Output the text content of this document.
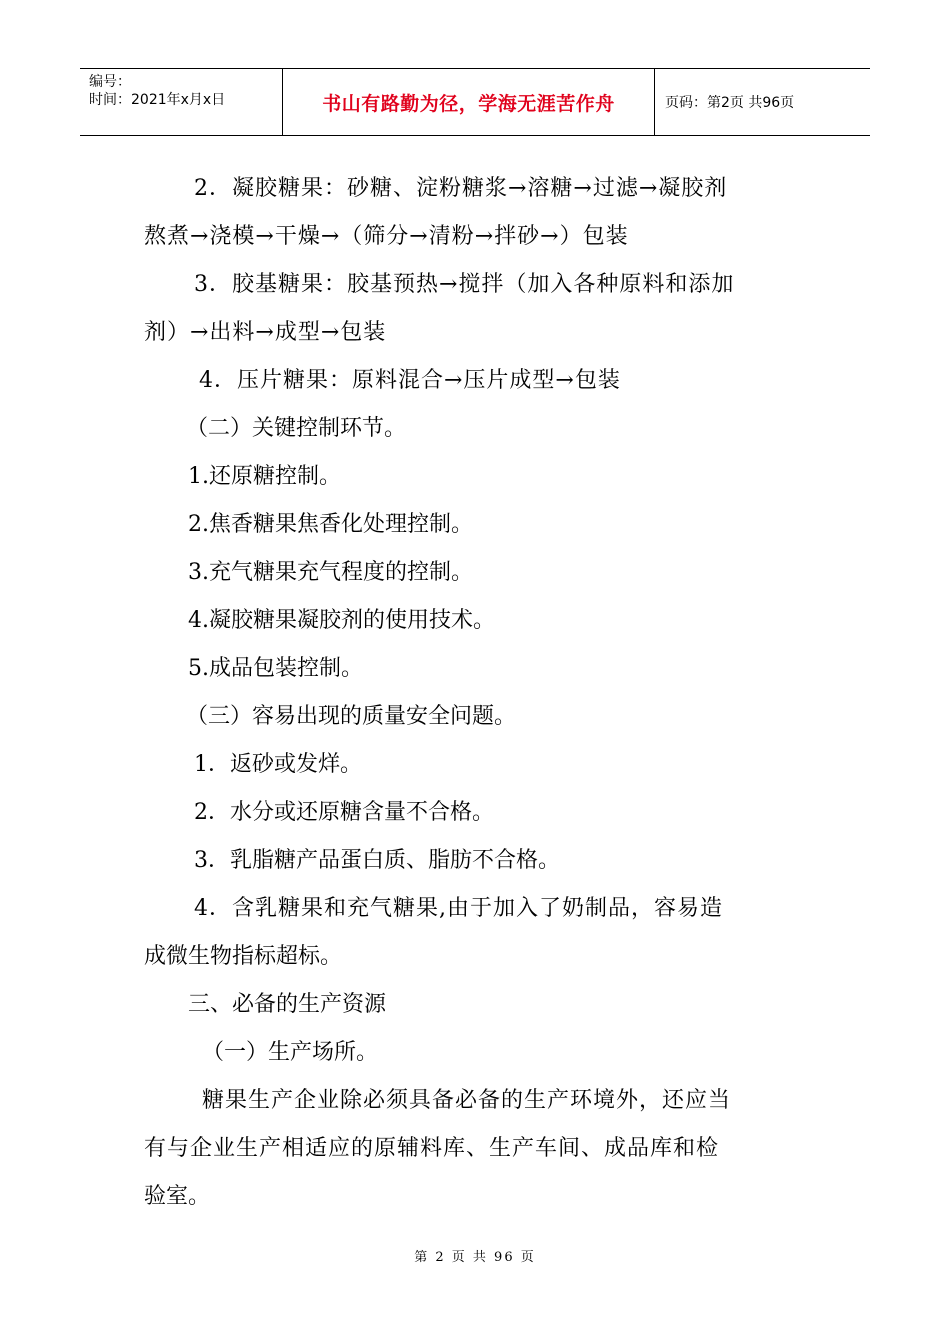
编号：
时间：2021年x月x日	书山有路勤为径，学海无涯苦作舟	页码：第2页 共96页
2．凝胶糖果：砂糖、淀粉糖浆→溶糖→过滤→凝胶剂
熬煮→浇模→干燥→（筛分→清粉→拌砂→）包装
3．胶基糖果：胶基预热→搅拌（加入各种原料和添加
剂）→出料→成型→包装
4．压片糖果：原料混合→压片成型→包装
（二）关键控制环节。
1.还原糖控制。
2.焦香糖果焦香化处理控制。
3.充气糖果充气程度的控制。
4.凝胶糖果凝胶剂的使用技术。
5.成品包装控制。
（三）容易出现的质量安全问题。
1．返砂或发烊。
2．水分或还原糖含量不合格。
3．乳脂糖产品蛋白质、脂肪不合格。
4．含乳糖果和充气糖果,由于加入了奶制品，容易造
成微生物指标超标。
三、必备的生产资源
（一）生产场所。
糖果生产企业除必须具备必备的生产环境外，还应当
有与企业生产相适应的原辅料库、生产车间、成品库和检
验室。
第 2 页 共 96 页
